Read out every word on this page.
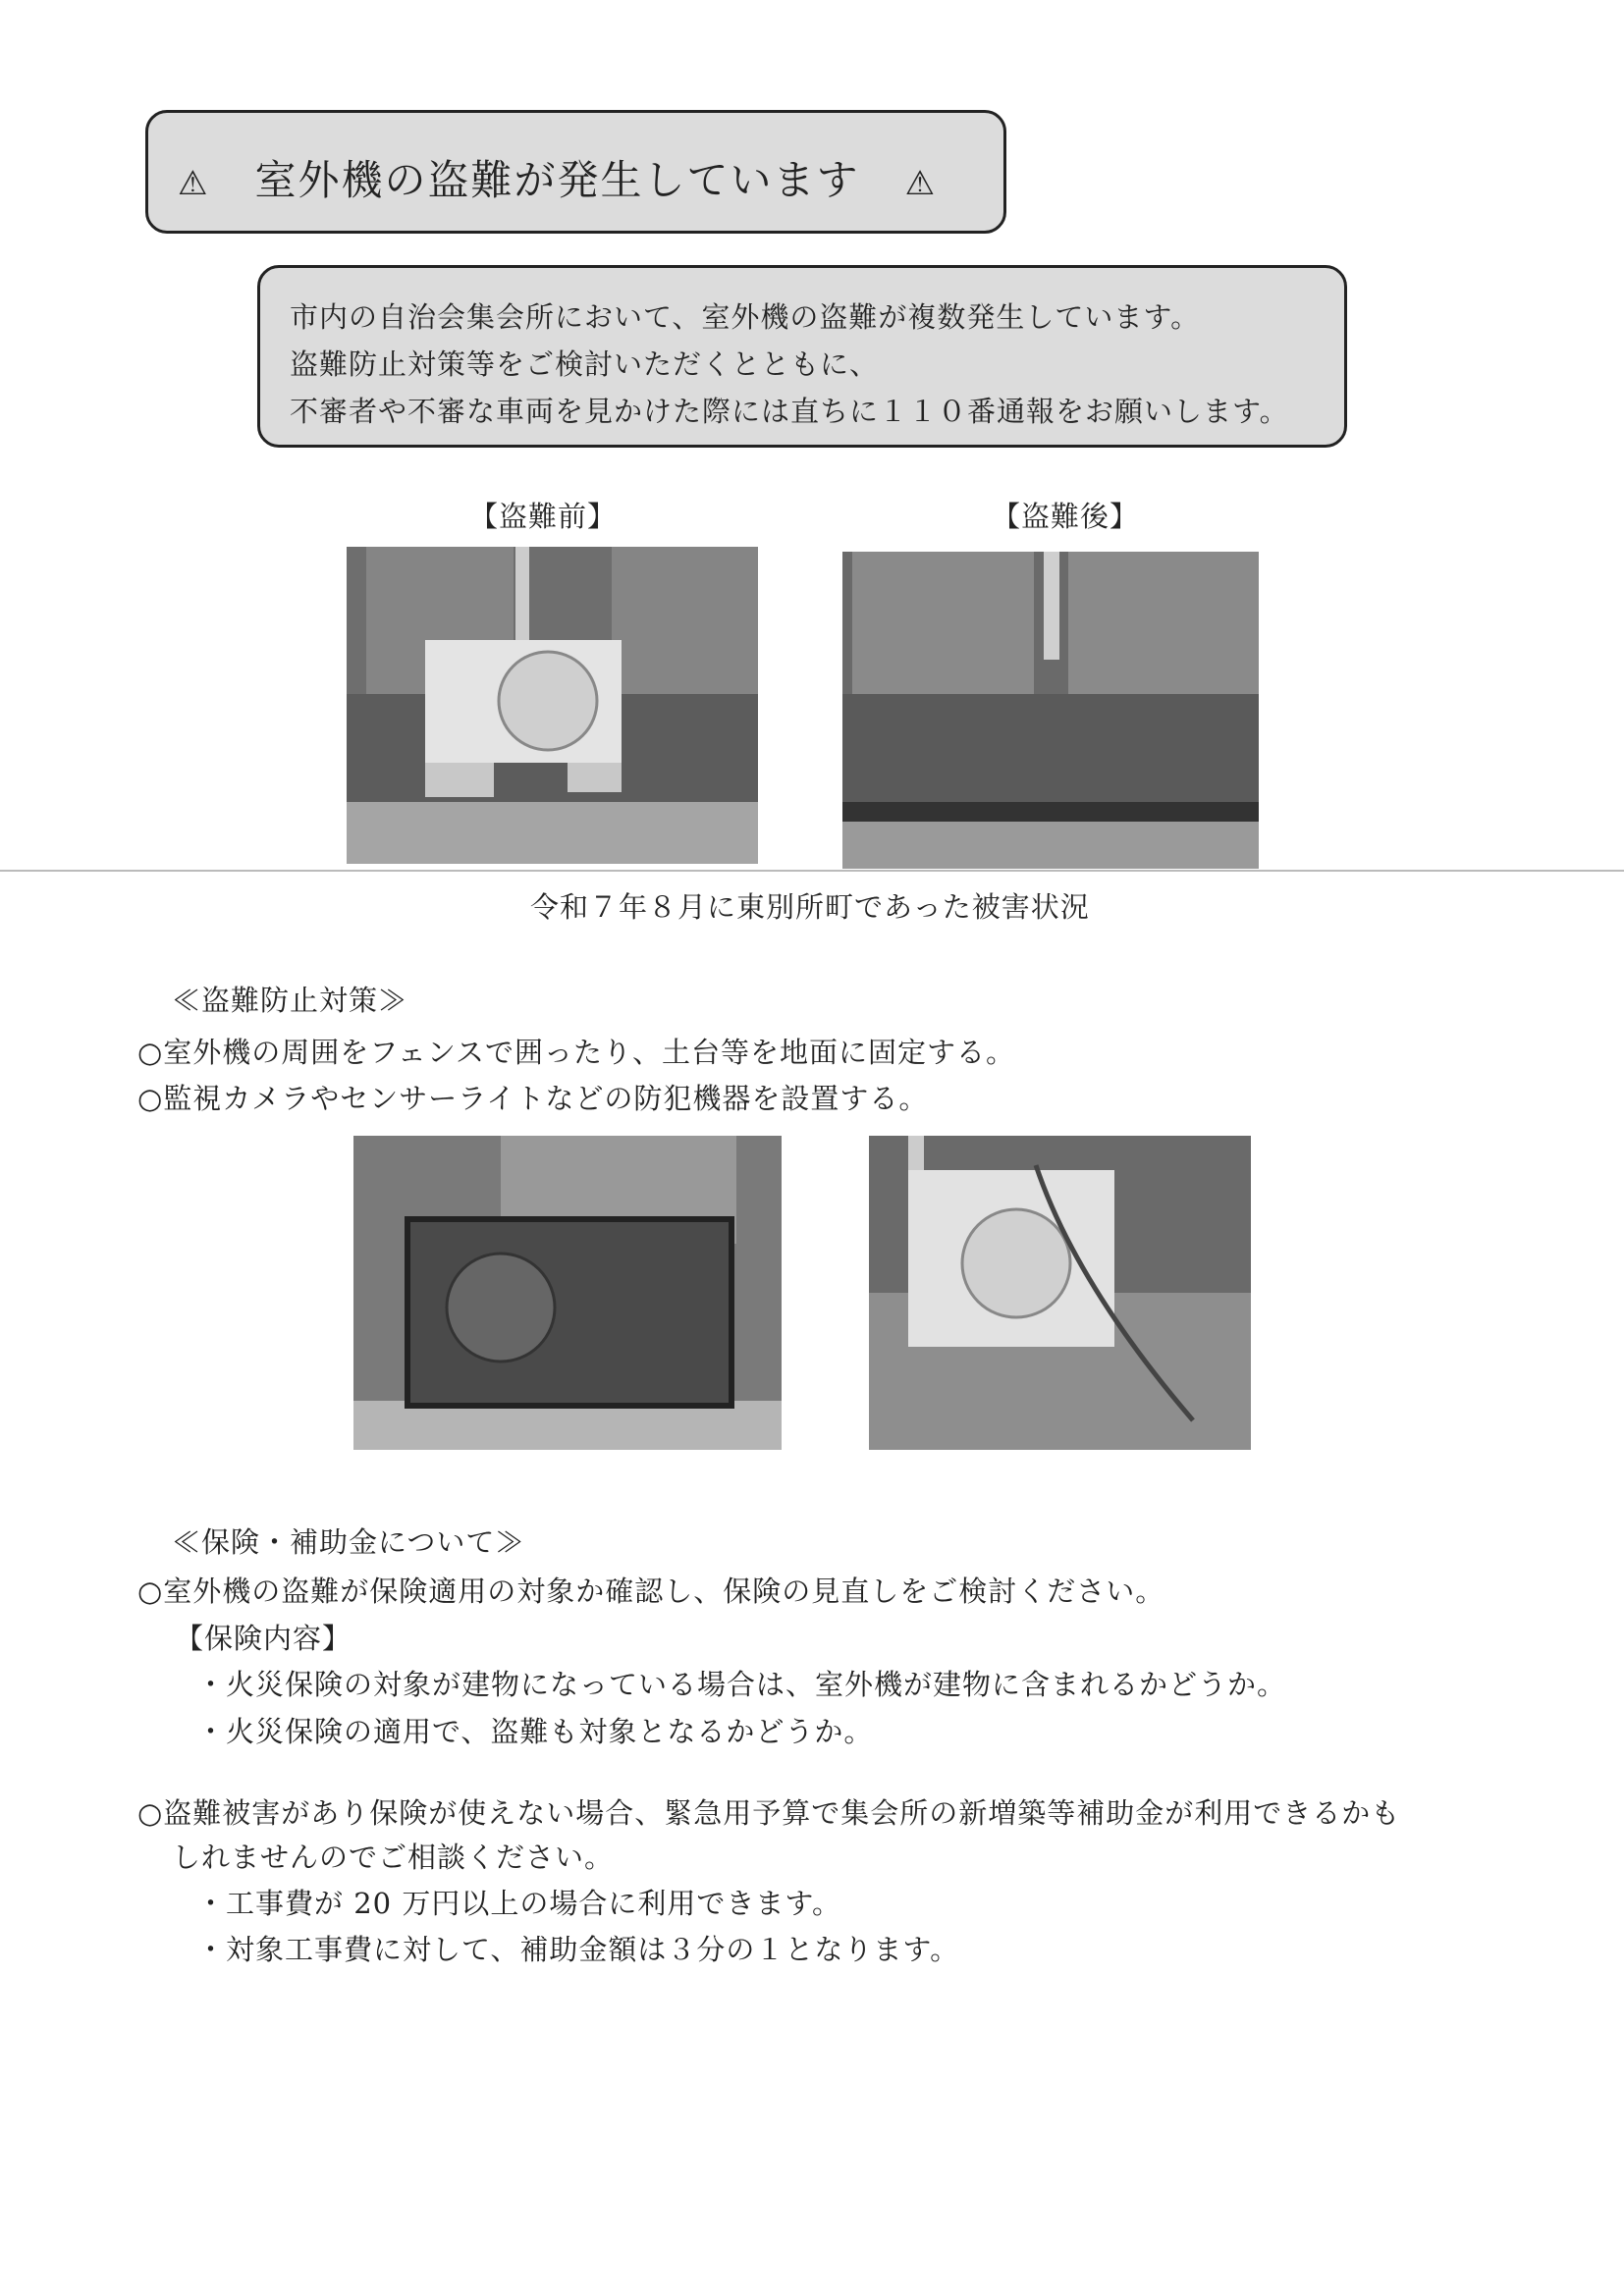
⚠ 室外機の盗難が発生しています ⚠
市内の自治会集会所において、室外機の盗難が複数発生しています。
盗難防止対策等をご検討いただくとともに、
不審者や不審な車両を見かけた際には直ちに１１０番通報をお願いします。
【盗難前】	【盗難後】
令和７年８月に東別所町であった被害状況
≪盗難防止対策≫
○室外機の周囲をフェンスで囲ったり、土台等を地面に固定する。
○監視カメラやセンサーライトなどの防犯機器を設置する。
≪保険・補助金について≫
○室外機の盗難が保険適用の対象か確認し、保険の見直しをご検討ください。
【保険内容】
・火災保険の対象が建物になっている場合は、室外機が建物に含まれるかどうか。
・火災保険の適用で、盗難も対象となるかどうか。
○盗難被害があり保険が使えない場合、緊急用予算で集会所の新増築等補助金が利用できるかも
しれませんのでご相談ください。
・工事費が 20 万円以上の場合に利用できます。
・対象工事費に対して、補助金額は３分の１となります。
